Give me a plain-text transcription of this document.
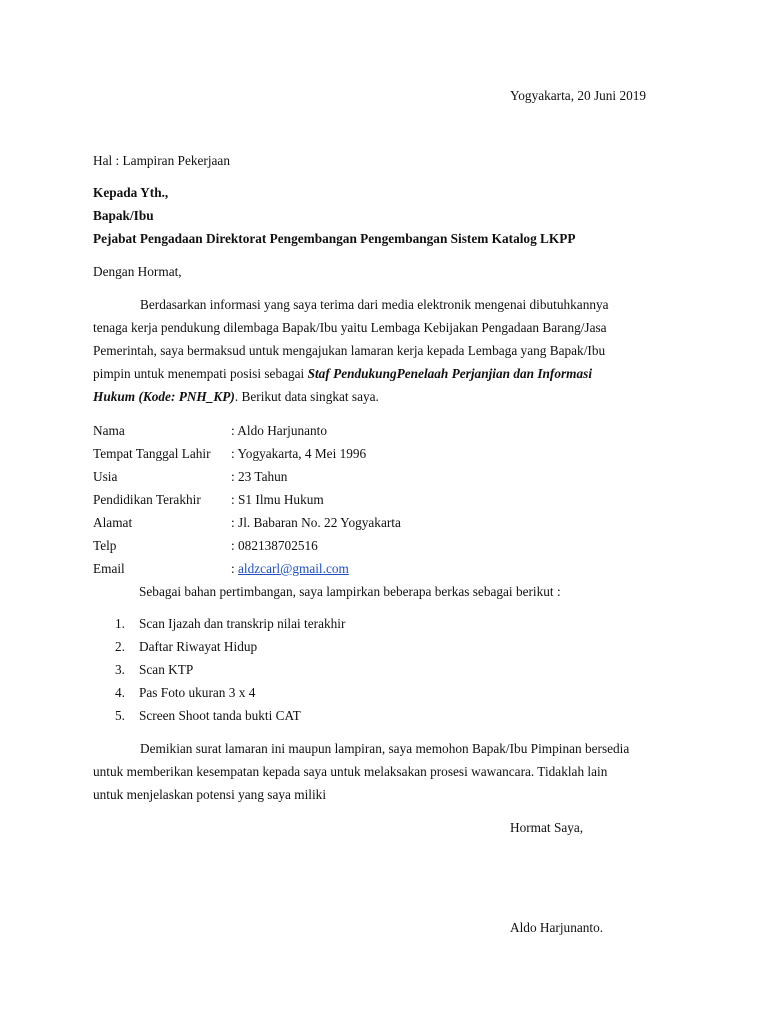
Yogyakarta, 20 Juni 2019
Hal : Lampiran Pekerjaan
Kepada Yth.,
Bapak/Ibu
Pejabat Pengadaan Direktorat Pengembangan Pengembangan Sistem Katalog LKPP
Dengan Hormat,
Berdasarkan informasi yang saya terima dari media elektronik mengenai dibutuhkannya
tenaga kerja pendukung dilembaga Bapak/Ibu yaitu Lembaga Kebijakan Pengadaan Barang/Jasa
Pemerintah, saya bermaksud untuk mengajukan lamaran kerja kepada Lembaga yang Bapak/Ibu
pimpin untuk menempati posisi sebagai Staf PendukungPenelaah Perjanjian dan Informasi
Hukum (Kode: PNH_KP). Berikut data singkat saya.
Nama	: Aldo Harjunanto
Tempat Tanggal Lahir : Yogyakarta, 4 Mei 1996
Usia	: 23 Tahun
Pendidikan Terakhir : S1 Ilmu Hukum
Alamat	: Jl. Babaran No. 22 Yogyakarta
Telp	: 082138702516
Email	: aldzcarl@gmail.com
Sebagai bahan pertimbangan, saya lampirkan beberapa berkas sebagai berikut :
1. Scan Ijazah dan transkrip nilai terakhir
2. Daftar Riwayat Hidup
3. Scan KTP
4. Pas Foto ukuran 3 x 4
5. Screen Shoot tanda bukti CAT
Demikian surat lamaran ini maupun lampiran, saya memohon Bapak/Ibu Pimpinan bersedia
untuk memberikan kesempatan kepada saya untuk melaksakan prosesi wawancara. Tidaklah lain
untuk menjelaskan potensi yang saya miliki
Hormat Saya,
Aldo Harjunanto.
